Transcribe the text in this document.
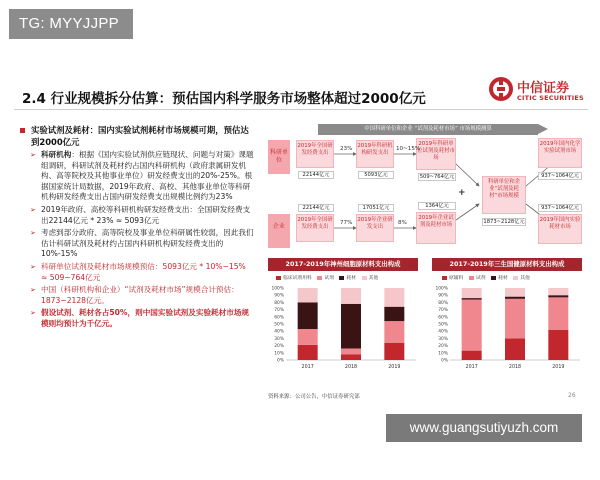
TG: MYYJJPP
2.4 行业规模拆分估算：预估国内科学服务市场整体超过2000亿元
中信证券
CITIC SECURITIES
实验试剂及耗材：国内实验试剂耗材市场规模可期，预估达到2000亿元
➢ 科研机构：根据《国内实验试剂供应链现状、问题与对策》课题组调研，科研试剂及耗材约占国内科研机构（政府隶属研发机构、高等院校及其他事业单位）研发经费支出的20%-25%。根据国家统计局数据，2019年政府、高校、其他事业单位等科研机构研发经费支出占国内研发经费支出规模比例约为23%
➢ 2019年政府、高校等科研机构研发经费支出：全国研发经费支出22144亿元 * 23% ≈ 5093亿元
➢ 考虑到部分政府、高等院校及事业单位科研属性较弱，因此我们估计科研试剂及耗材约占国内科研机构研发经费支出的10%-15%
➢ 科研单位试剂及耗材市场规模预估：5093亿元 * 10%~15% ≈ 509~764亿元
➢ 中国（科研机构和企业）“试剂及耗材市场”规模合计预估：1873~2128亿元。
➢ 假设试剂、耗材各占50%，则中国实验试剂及实验耗材市场规模则均预计为千亿元。
中国科研单位和企业 “试剂及耗材市场” 市场规模测算
科研单位
企业
2019年全国研发经费支出
2019年科研机构研发支出
2019年科研单位试剂及耗材市场
22144亿元	5093亿元	509~764亿元
23%	10~15%
2019年全国研发经费支出
2019年企业研发支出
2019年企业试剂及耗材市场
22144亿元	17051亿元	1364亿元
77%	8%
科研单位和企业“试剂及耗材”市场规模
1873~2128亿元
+
2019年国内化学实验试剂市场
937~1064亿元
2019年国内实验耗材市场
937~1064亿元
2017-2019年神州细胞原材料支出构成	2017-2019年三生国健原材料支出构成
临床试剂用料	试剂	耗材	其他	原辅料	试剂	耗材	其他
0%
10%
20%
30%
40%
50%
60%
70%
80%
90%
100%
2017	2018	2019
0%
10%
20%
30%
40%
50%
60%
70%
80%
90%
100%
2017	2018	2019
资料来源：公司公告，中信证券研究部	26
www.guangsutiyuzh.com
